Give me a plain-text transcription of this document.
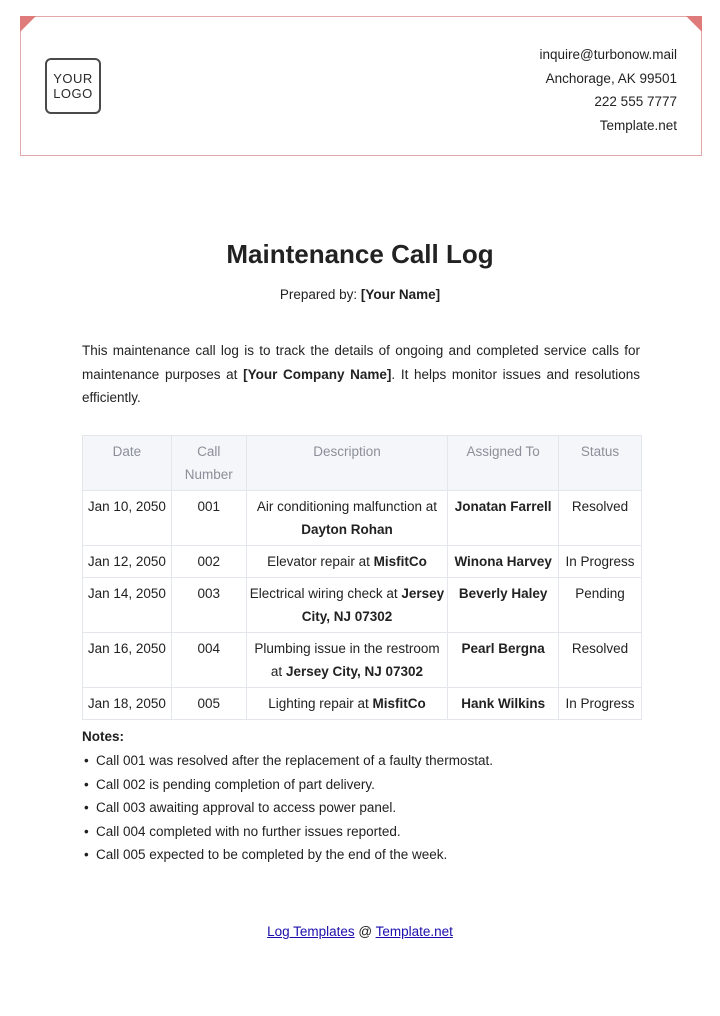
YOUR
LOGO
inquire@turbonow.mail
Anchorage, AK 99501
222 555 7777
Template.net
Maintenance Call Log
Prepared by: [Your Name]
This maintenance call log is to track the details of ongoing and completed service calls for maintenance purposes at [Your Company Name]. It helps monitor issues and resolutions efficiently.
Date	Call Number	Description	Assigned To	Status
Jan 10, 2050	001	Air conditioning malfunction at Dayton Rohan	Jonatan Farrell	Resolved
Jan 12, 2050	002	Elevator repair at MisfitCo	Winona Harvey	In Progress
Jan 14, 2050	003	Electrical wiring check at Jersey City, NJ 07302	Beverly Haley	Pending
Jan 16, 2050	004	Plumbing issue in the restroom at Jersey City, NJ 07302	Pearl Bergna	Resolved
Jan 18, 2050	005	Lighting repair at MisfitCo	Hank Wilkins	In Progress
Notes:
• Call 001 was resolved after the replacement of a faulty thermostat.
• Call 002 is pending completion of part delivery.
• Call 003 awaiting approval to access power panel.
• Call 004 completed with no further issues reported.
• Call 005 expected to be completed by the end of the week.
Log Templates @ Template.net
